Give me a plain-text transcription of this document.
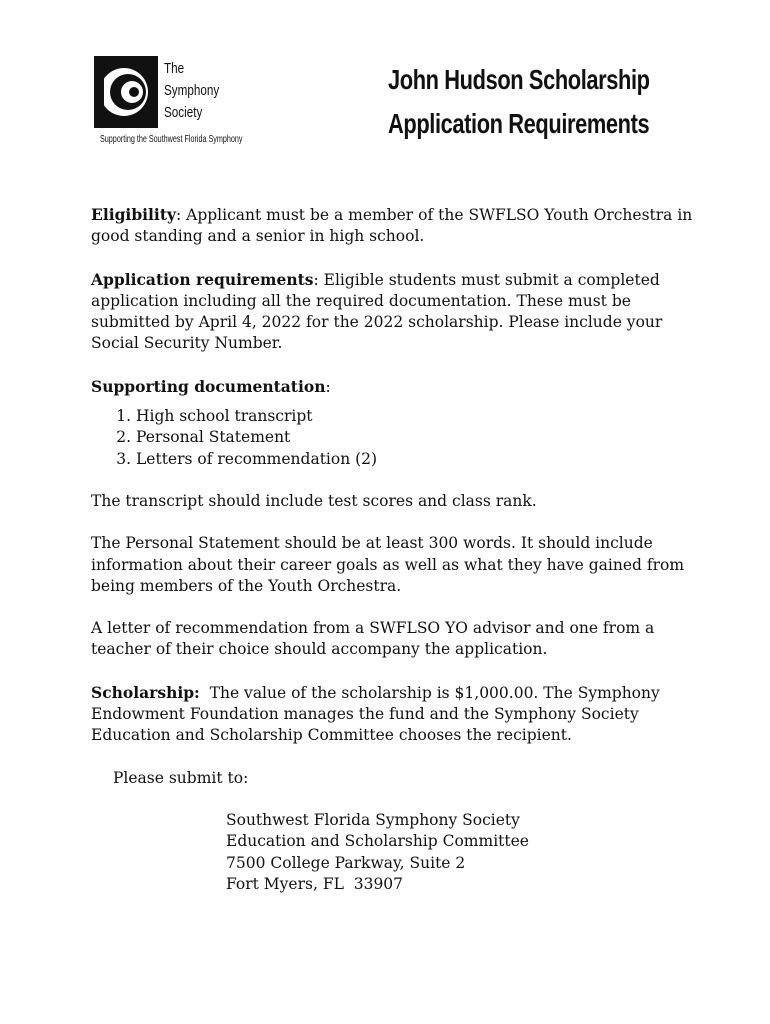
The
Symphony
Society
Supporting the Southwest Florida Symphony
John Hudson Scholarship
Application Requirements

Eligibility: Applicant must be a member of the SWFLSO Youth Orchestra in good standing and a senior in high school.

Application requirements: Eligible students must submit a completed application including all the required documentation. These must be submitted by April 4, 2022 for the 2022 scholarship. Please include your Social Security Number.

Supporting documentation:

1. High school transcript
2. Personal Statement
3. Letters of recommendation (2)

The transcript should include test scores and class rank.

The Personal Statement should be at least 300 words. It should include information about their career goals as well as what they have gained from being members of the Youth Orchestra.

A letter of recommendation from a SWFLSO YO advisor and one from a teacher of their choice should accompany the application.

Scholarship:  The value of the scholarship is $1,000.00. The Symphony Endowment Foundation manages the fund and the Symphony Society Education and Scholarship Committee chooses the recipient.

Please submit to:

Southwest Florida Symphony Society
Education and Scholarship Committee
7500 College Parkway, Suite 2
Fort Myers, FL  33907
